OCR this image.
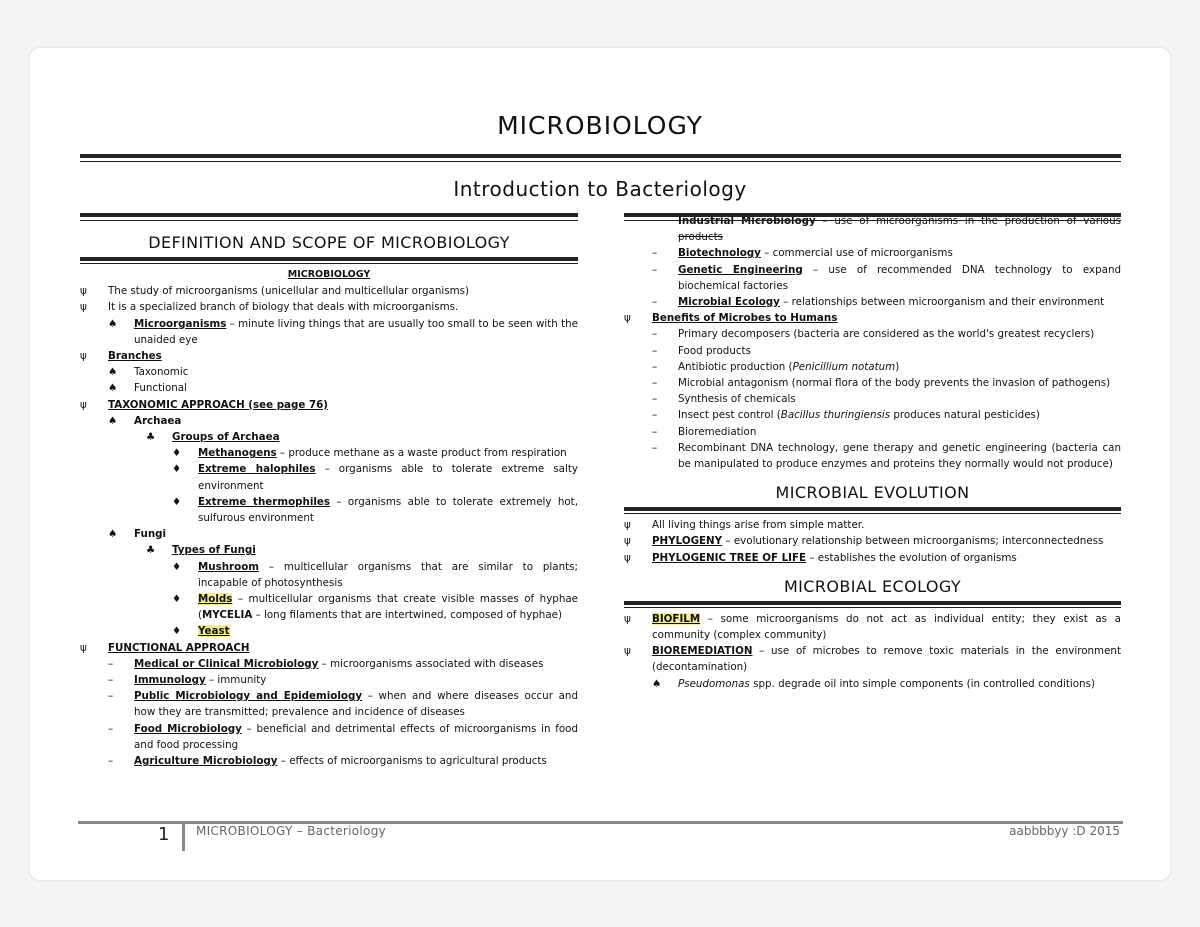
MICROBIOLOGY
Introduction to Bacteriology
DEFINITION AND SCOPE OF MICROBIOLOGY
MICROBIOLOGY
ψ	The study of microorganisms (unicellular and multicellular organisms)
ψ	It is a specialized branch of biology that deals with microorganisms.
♠	Microorganisms – minute living things that are usually too small to be seen with the unaided eye
ψ	Branches
♠	Taxonomic
♠	Functional
ψ	TAXONOMIC APPROACH (see page 76)
♠	Archaea
♣	Groups of Archaea
♦	Methanogens – produce methane as a waste product from respiration
♦	Extreme halophiles – organisms able to tolerate extreme salty environment
♦	Extreme thermophiles – organisms able to tolerate extremely hot, sulfurous environment
♠	Fungi
♣	Types of Fungi
♦	Mushroom – multicellular organisms that are similar to plants; incapable of photosynthesis
♦	Molds – multicellular organisms that create visible masses of hyphae (MYCELIA – long filaments that are intertwined, composed of hyphae)
♦	Yeast
ψ	FUNCTIONAL APPROACH
–	Medical or Clinical Microbiology – microorganisms associated with diseases
–	Immunology – immunity
–	Public Microbiology and Epidemiology – when and where diseases occur and how they are transmitted; prevalence and incidence of diseases
–	Food Microbiology – beneficial and detrimental effects of microorganisms in food and food processing
–	Agriculture Microbiology – effects of microorganisms to agricultural products
Industrial Microbiology – use of microorganisms in the production of various products
–	Biotechnology – commercial use of microorganisms
–	Genetic Engineering – use of recommended DNA technology to expand biochemical factories
–	Microbial Ecology – relationships between microorganism and their environment
ψ	Benefits of Microbes to Humans
–	Primary decomposers (bacteria are considered as the world's greatest recyclers)
–	Food products
–	Antibiotic production (Penicillium notatum)
–	Microbial antagonism (normal flora of the body prevents the invasion of pathogens)
–	Synthesis of chemicals
–	Insect pest control (Bacillus thuringiensis produces natural pesticides)
–	Bioremediation
–	Recombinant DNA technology, gene therapy and genetic engineering (bacteria can be manipulated to produce enzymes and proteins they normally would not produce)
MICROBIAL EVOLUTION
ψ	All living things arise from simple matter.
ψ	PHYLOGENY – evolutionary relationship between microorganisms; interconnectedness
ψ	PHYLOGENIC TREE OF LIFE – establishes the evolution of organisms
MICROBIAL ECOLOGY
ψ	BIOFILM – some microorganisms do not act as individual entity; they exist as a community (complex community)
ψ	BIOREMEDIATION – use of microbes to remove toxic materials in the environment (decontamination)
♠	Pseudomonas spp. degrade oil into simple components (in controlled conditions)
1 MICROBIOLOGY – Bacteriology	aabbbbyy :D 2015
